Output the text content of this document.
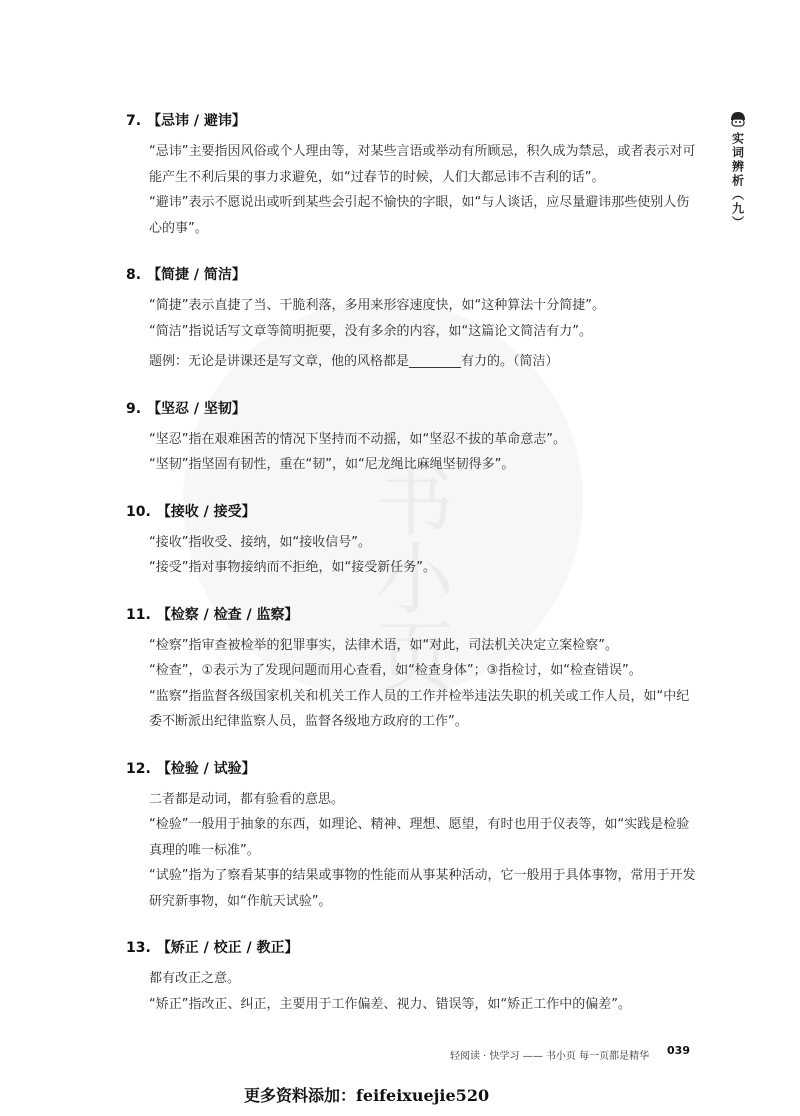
书小页
实词辨析（九）
7. 【忌讳 / 避讳】

“忌讳”主要指因风俗或个人理由等，对某些言语或举动有所顾忌，积久成为禁忌，或者表示对可能产生不利后果的事力求避免，如“过春节的时候，人们大都忌讳不吉利的话”。

“避讳”表示不愿说出或听到某些会引起不愉快的字眼，如“与人谈话，应尽量避讳那些使别人伤心的事”。

8. 【简捷 / 简洁】

“简捷”表示直捷了当、干脆利落，多用来形容速度快，如“这种算法十分简捷”。

“简洁”指说话写文章等简明扼要，没有多余的内容，如“这篇论文简洁有力”。

题例：无论是讲课还是写文章，他的风格都是________有力的。（简洁）

9. 【坚忍 / 坚韧】

“坚忍”指在艰难困苦的情况下坚持而不动摇，如“坚忍不拔的革命意志”。

“坚韧”指坚固有韧性，重在“韧”，如“尼龙绳比麻绳坚韧得多”。

10. 【接收 / 接受】

“接收”指收受、接纳，如“接收信号”。

“接受”指对事物接纳而不拒绝，如“接受新任务”。

11. 【检察 / 检查 / 监察】

“检察”指审查被检举的犯罪事实，法律术语，如“对此，司法机关决定立案检察”。

“检查”，①表示为了发现问题而用心查看，如“检查身体”；③指检讨，如“检查错误”。

“监察”指监督各级国家机关和机关工作人员的工作并检举违法失职的机关或工作人员，如“中纪委不断派出纪律监察人员，监督各级地方政府的工作”。

12. 【检验 / 试验】

二者都是动词，都有验看的意思。

“检验”一般用于抽象的东西，如理论、精神、理想、愿望，有时也用于仪表等，如“实践是检验真理的唯一标准”。

“试验”指为了察看某事的结果或事物的性能而从事某种活动，它一般用于具体事物，常用于开发研究新事物，如“作航天试验”。

13. 【矫正 / 校正 / 教正】

都有改正之意。

“矫正”指改正、纠正，主要用于工作偏差、视力、错误等，如“矫正工作中的偏差”。

轻阅读 · 快学习 —— 书小页 每一页都是精华 039
更多资料添加：feifeixuejie520
